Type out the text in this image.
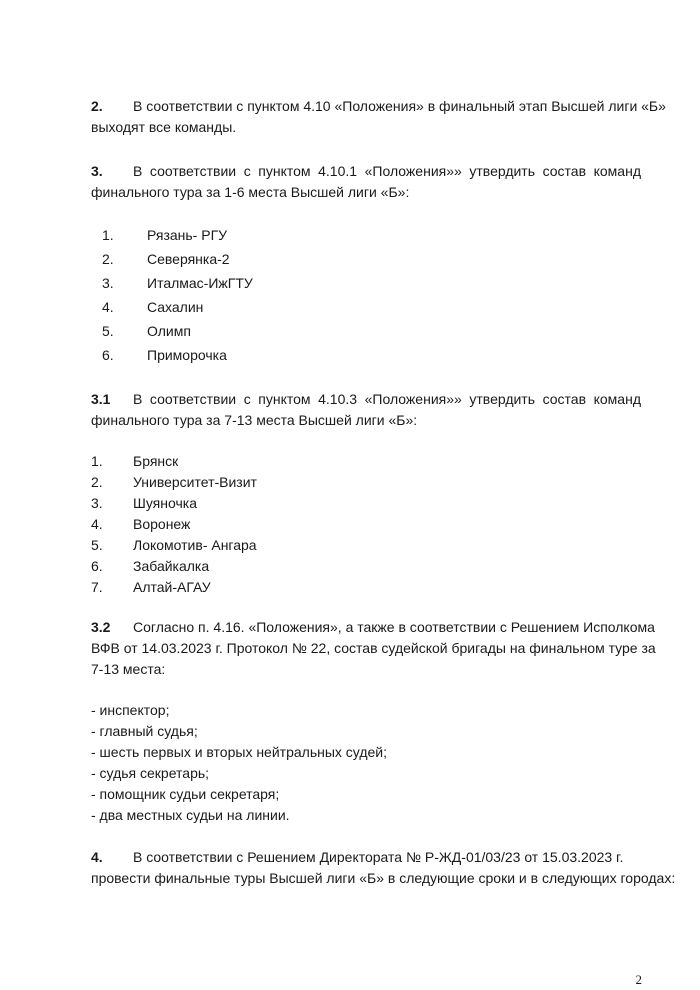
2. В соответствии с пунктом 4.10 «Положения» в финальный этап Высшей лиги «Б»
выходят все команды.
3. В соответствии с пунктом 4.10.1 «Положения»» утвердить состав команд
финального тура за 1-6 места Высшей лиги «Б»:
1. Рязань- РГУ
2. Северянка-2
3. Италмас-ИжГТУ
4. Сахалин
5. Олимп
6. Приморочка
3.1 В соответствии с пунктом 4.10.3 «Положения»» утвердить состав команд
финального тура за 7-13 места Высшей лиги «Б»:
1. Брянск
2. Университет-Визит
3. Шуяночка
4. Воронеж
5. Локомотив- Ангара
6. Забайкалка
7. Алтай-АГАУ
3.2 Согласно п. 4.16. «Положения», а также в соответствии с Решением Исполкома
ВФВ от 14.03.2023 г. Протокол № 22, состав судейской бригады на финальном туре за
7-13 места:
- инспектор;
- главный судья;
- шесть первых и вторых нейтральных судей;
- судья секретарь;
- помощник судьи секретаря;
- два местных судьи на линии.
4. В соответствии с Решением Директората № Р-ЖД-01/03/23 от 15.03.2023 г.
провести финальные туры Высшей лиги «Б» в следующие сроки и в следующих городах:
2
